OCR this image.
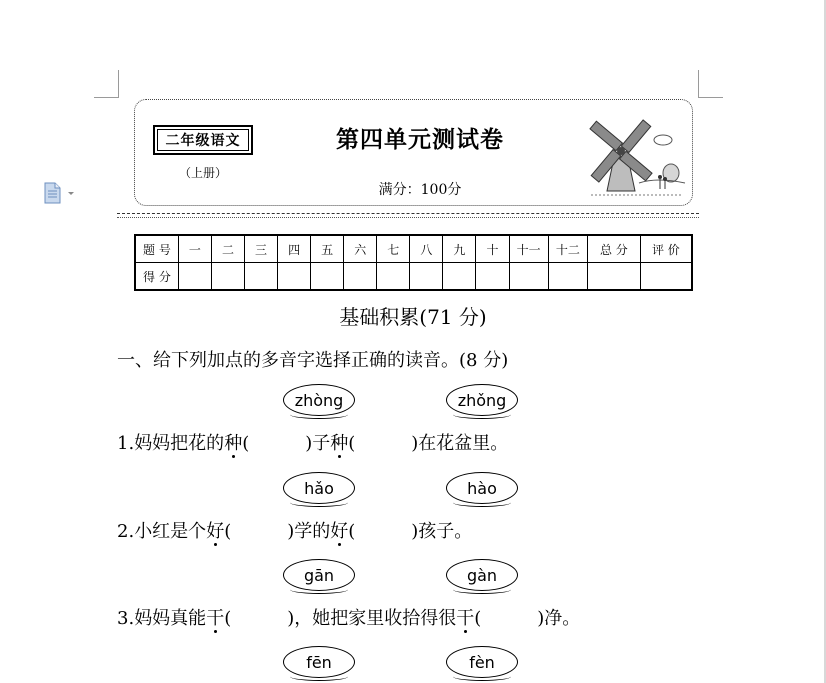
二年级语文
（上册）
第四单元测试卷
满分：100分
题 号	一	二	三	四	五	六	七	八	九	十	十一	十二	总 分	评 价
得 分														
基础积累(71 分)
一、给下列加点的多音字选择正确的读音。(8 分)
zhòng	zhǒng
1.妈妈把花的种(	)子种(	)在花盆里。
hǎo	hào
2.小红是个好(	)学的好(	)孩子。
gān	gàn
3.妈妈真能干(	)，她把家里收拾得很干(	)净。
fēn	fèn
